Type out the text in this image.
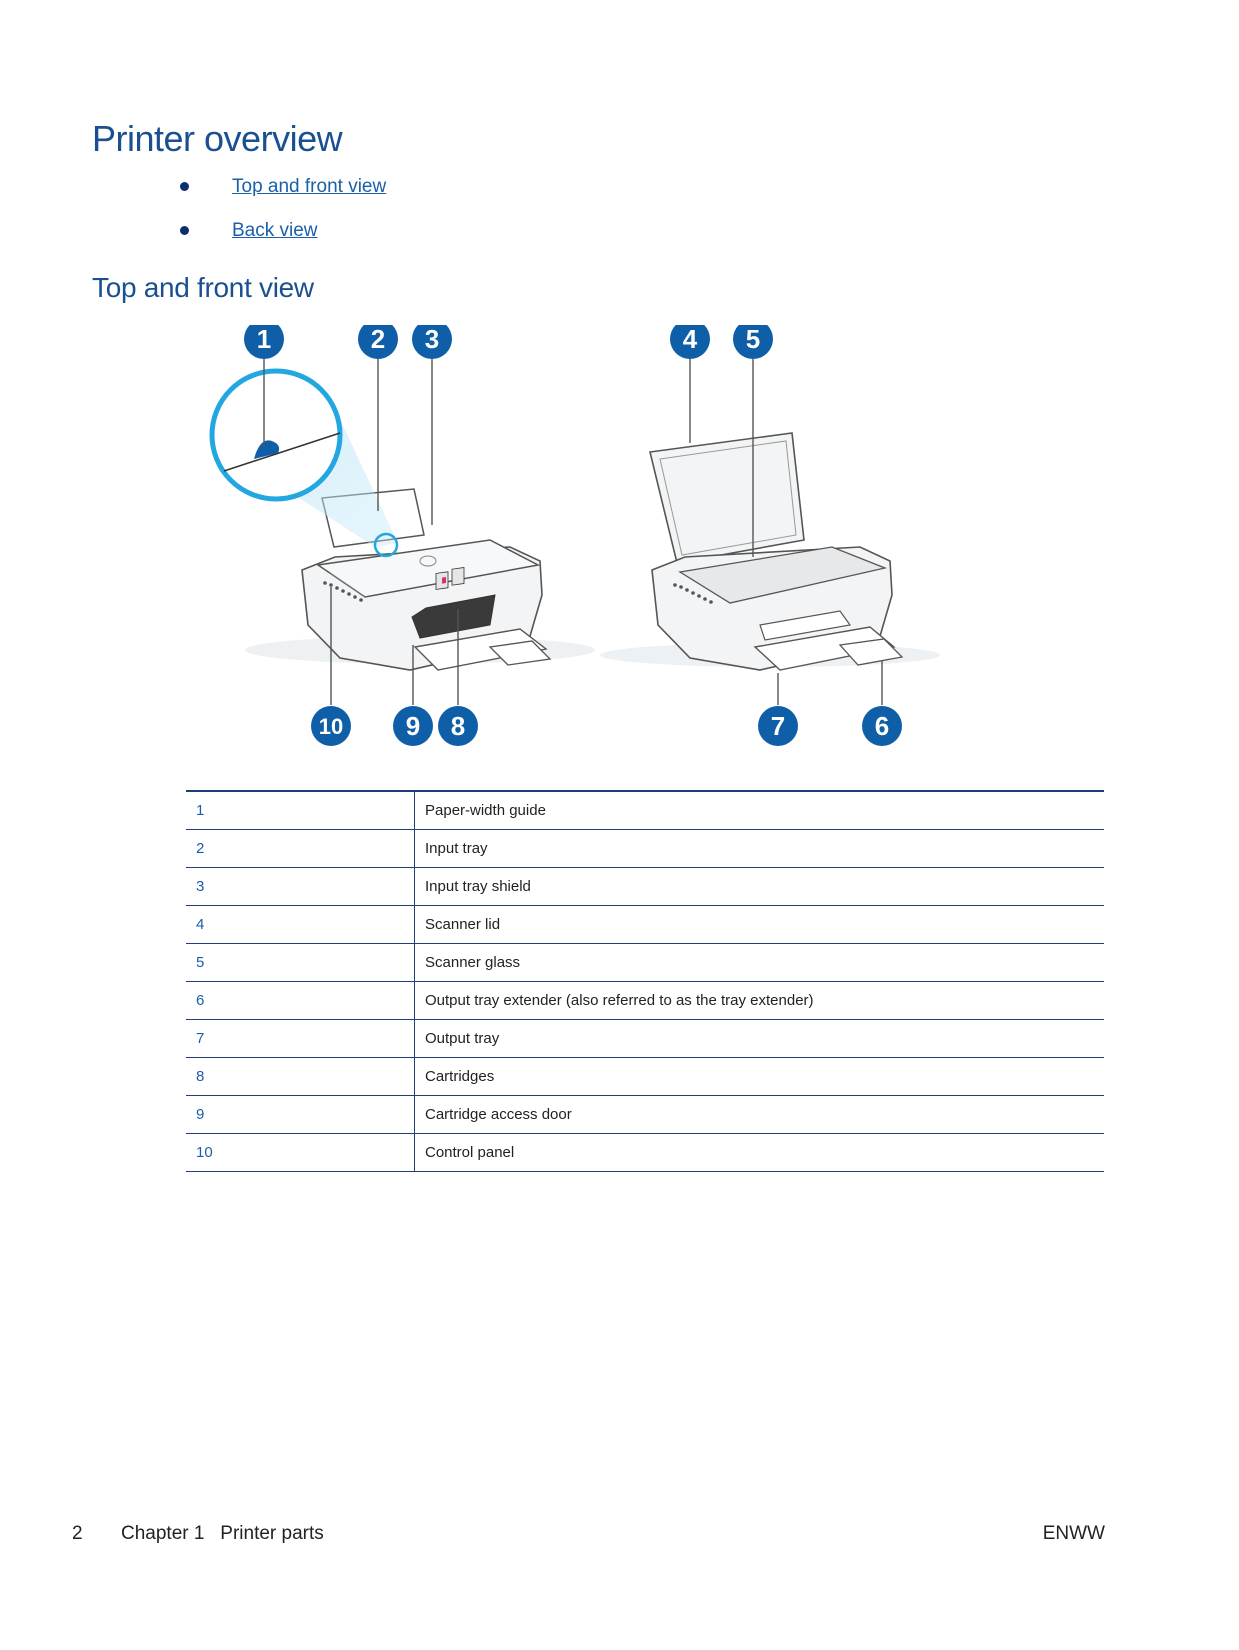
Printer overview
Top and front view
Back view
Top and front view
1	2 3	4 5
6
7
8
9
10
1	Paper-width guide
2	Input tray
3	Input tray shield
4	Scanner lid
5	Scanner glass
6	Output tray extender (also referred to as the tray extender)
7	Output tray
8	Cartridges
9	Cartridge access door
10	Control panel
2 Chapter 1   Printer parts	ENWW
